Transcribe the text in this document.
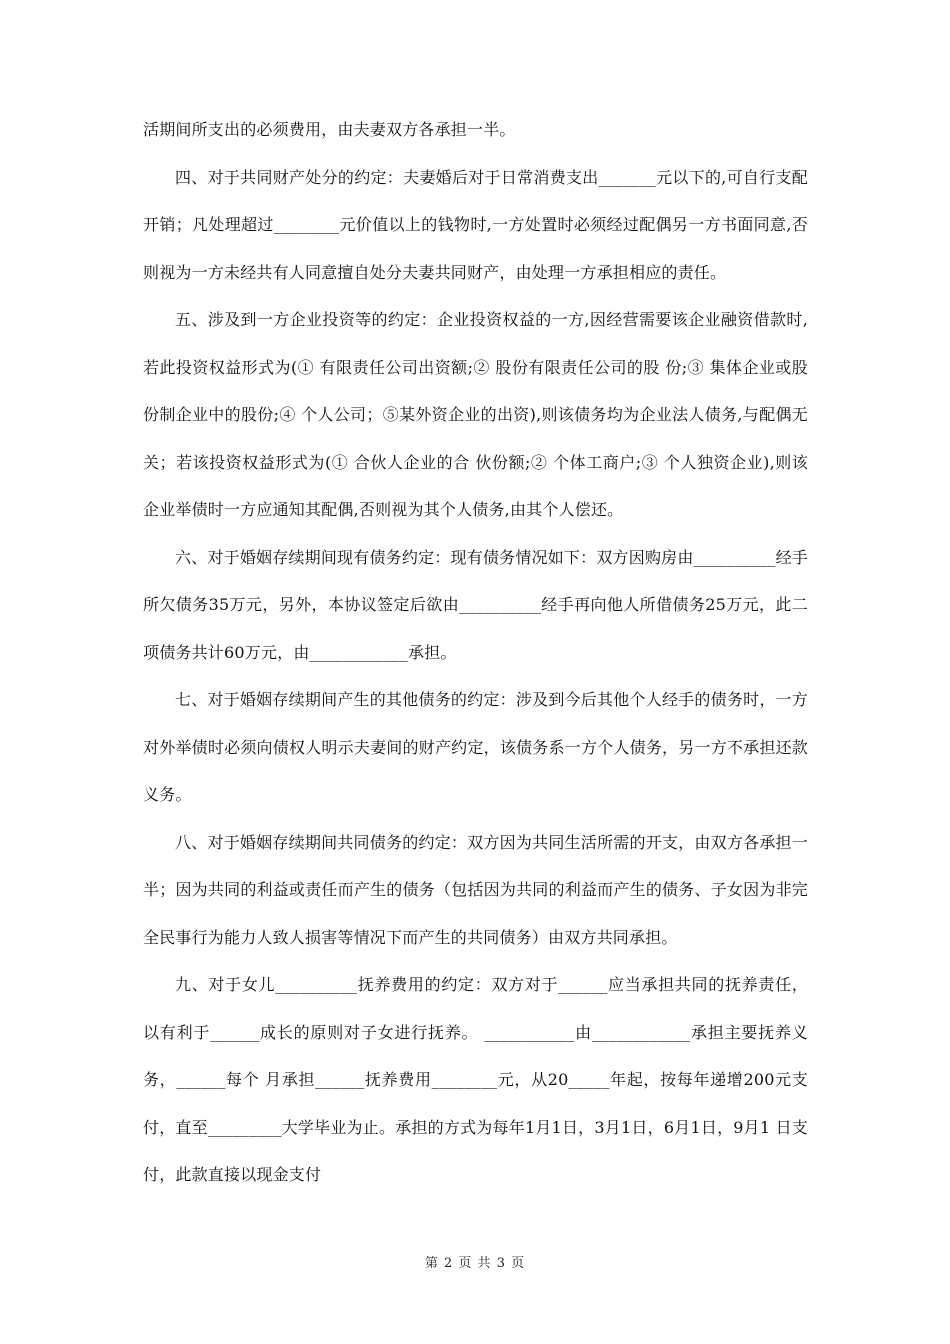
活期间所支出的必须费用，由夫妻双方各承担一半。

四、对于共同财产处分的约定：夫妻婚后对于日常消费支出_______元以下的,可自行支配开销；凡处理超过________元价值以上的钱物时,一方处置时必须经过配偶另一方书面同意,否则视为一方未经共有人同意擅自处分夫妻共同财产，由处理一方承担相应的责任。

五、涉及到一方企业投资等的约定：企业投资权益的一方,因经营需要该企业融资借款时,若此投资权益形式为(① 有限责任公司出资额;② 股份有限责任公司的股 份;③ 集体企业或股份制企业中的股份;④ 个人公司；⑤某外资企业的出资),则该债务均为企业法人债务,与配偶无关；若该投资权益形式为(① 合伙人企业的合 伙份额;② 个体工商户;③ 个人独资企业),则该企业举债时一方应通知其配偶,否则视为其个人债务,由其个人偿还。

六、对于婚姻存续期间现有债务约定：现有债务情况如下：双方因购房由__________经手所欠债务35万元，另外，本协议签定后欲由__________经手再向他人所借债务25万元，此二项债务共计60万元，由____________承担。

七、对于婚姻存续期间产生的其他债务的约定：涉及到今后其他个人经手的债务时，一方对外举债时必须向债权人明示夫妻间的财产约定，该债务系一方个人债务，另一方不承担还款义务。

八、对于婚姻存续期间共同债务的约定：双方因为共同生活所需的开支，由双方各承担一半；因为共同的利益或责任而产生的债务（包括因为共同的利益而产生的债务、子女因为非完全民事行为能力人致人损害等情况下而产生的共同债务）由双方共同承担。

九、对于女儿__________抚养费用的约定：双方对于______应当承担共同的抚养责任，以有利于______成长的原则对子女进行抚养。 ___________由____________承担主要抚养义务，______每个 月承担______抚养费用________元，从20_____年起，按每年递增200元支付，直至_________大学毕业为止。承担的方式为每年1月1日，3月1日，6月1日，9月1 日支付，此款直接以现金支付

第 2 页 共 3 页
